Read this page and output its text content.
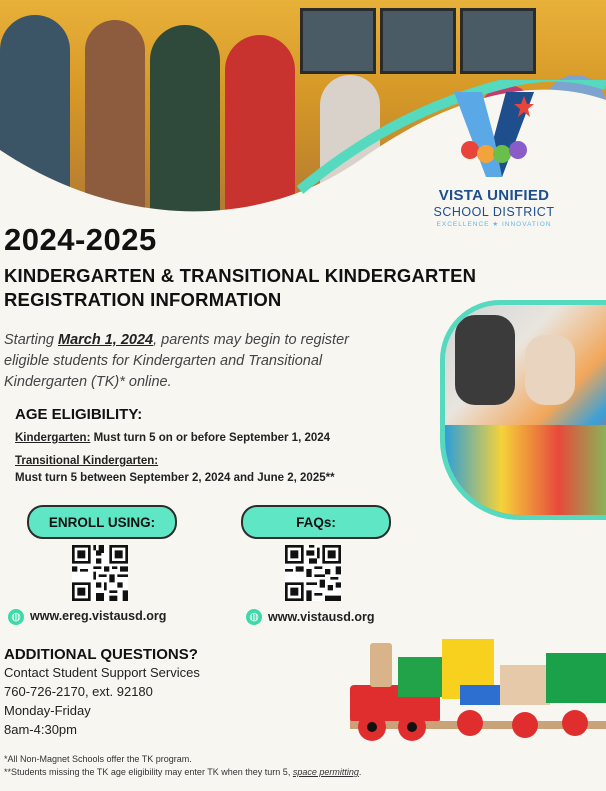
VISTA UNIFIED
SCHOOL DISTRICT
EXCELLENCE ★ INNOVATION
2024-2025
KINDERGARTEN & TRANSITIONAL KINDERGARTEN
REGISTRATION INFORMATION
Starting March 1, 2024, parents may begin to register eligible students for Kindergarten and Transitional Kindergarten (TK)* online.
AGE ELIGIBILITY:
Kindergarten: Must turn 5 on or before September 1, 2024
Transitional Kindergarten:
Must turn 5 between September 2, 2024 and June 2, 2025**
ENROLL USING:	FAQs:
◍ www.ereg.vistausd.org	◍ www.vistausd.org
ADDITIONAL QUESTIONS?
Contact Student Support Services
760-726-2170, ext. 92180
Monday-Friday
8am-4:30pm
*All Non-Magnet Schools offer the TK program.
**Students missing the TK age eligibility may enter TK when they turn 5, space permitting.
